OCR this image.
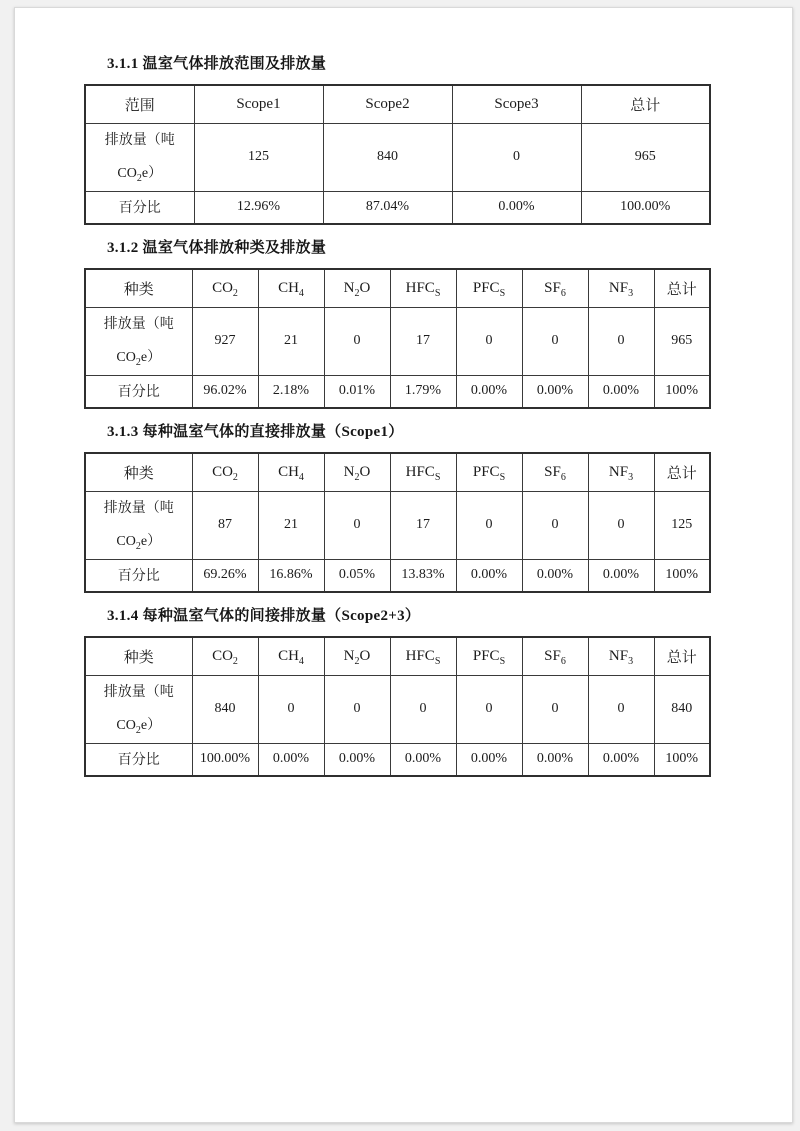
3.1.1 温室气体排放范围及排放量
范围	Scope1	Scope2	Scope3	总计

排放量（吨
$CO_2e$）	125	840	0	965

百分比	12.96%	87.04%	0.00%	100.00%
3.1.2 温室气体排放种类及排放量
种类	$CO_2$	$CH_4$	$N_2O$	$HFC_S$	$PFC_S$	$SF_6$	$NF_3$	总计

排放量（吨
$CO_2e$）	927	21	0	17	0	0	0	965

百分比	96.02%	2.18%	0.01%	1.79%	0.00%	0.00%	0.00%	100%
3.1.3 每种温室气体的直接排放量（Scope1）
种类	$CO_2$	$CH_4$	$N_2O$	$HFC_S$	$PFC_S$	$SF_6$	$NF_3$	总计

排放量（吨
$CO_2e$）	87	21	0	17	0	0	0	125

百分比	69.26%	16.86%	0.05%	13.83%	0.00%	0.00%	0.00%	100%
3.1.4 每种温室气体的间接排放量（Scope2+3）
种类	$CO_2$	$CH_4$	$N_2O$	$HFC_S$	$PFC_S$	$SF_6$	$NF_3$	总计

排放量（吨
$CO_2e$）	840	0	0	0	0	0	0	840

百分比	100.00%	0.00%	0.00%	0.00%	0.00%	0.00%	0.00%	100%
